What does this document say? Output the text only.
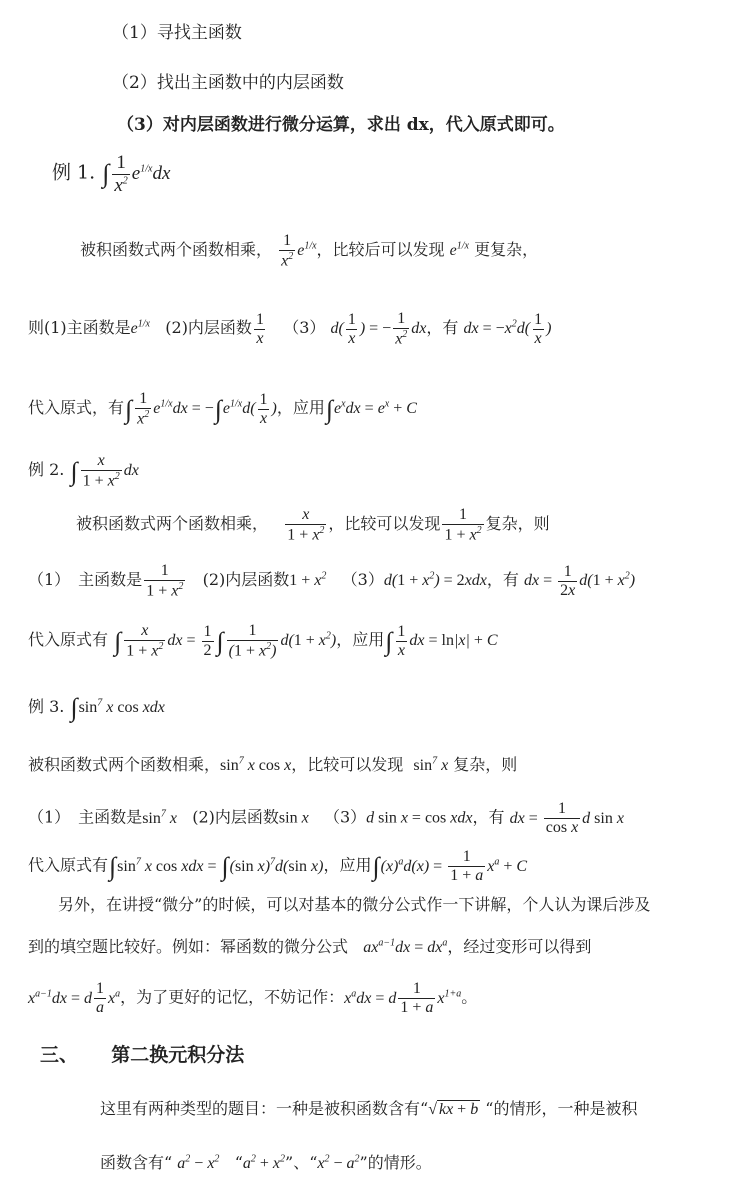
（1）寻找主函数
（2）找出主函数中的内层函数
（3）对内层函数进行微分运算，求出 dx，代入原式即可。
例 1. ∫ $\frac{1}{x^2} e^{1/x}dx$
被积函数式两个函数相乘， $\frac{1}{x^2} e^{1/x}$，比较后可以发现 $e^{1/x}$ 更复杂，
则(1)主函数是$e^{1/x}$ (2)内层函数 $\frac{1}{x} (3)$ $d( \frac{1}{x}$ ) = − $\frac{1}{x^2}$ dx，有 dx = $-x^2d( \frac{1}{x}$ )
代入原式，有∫ $\frac{1}{x^2} e^{1/x}dx = -\int e^{1/x}d( \frac{1}{x}$ )，应用$\int e^xdx = e^x + C$
例 2. ∫ $\frac{x}{1 + x^2}$ dx
被积函数式两个函数相乘， $\frac{x}{1 + x^2}$ ，比较可以发现 $\frac{1}{1 + x^2}$ 复杂，则
（1）　主函数是 $\frac{1}{1 + x^2} (2)$内层函数$1 + x^2$ $(3)d(1 + x^2) = 2xdx$，有 dx = $\frac{1}{2x} d(1 + x^2)$
代入原式有 ∫ $\frac{x}{1 + x^2}$ dx = $\frac{1}{2}$ ∫ $\frac{1}{(1 + x^2)} d(1 + x^2)$，应用∫ $\frac{1}{x}$ dx = ln|x| + C
例 3. $\int\sin^7$ x cos xdx
被积函数式两个函数相乘，$\sin^7 x$ cos x，比较可以发现 $\sin^7 x$ 复杂，则
（1）　主函数是$\sin^7 x$ (2)内层函数sin x （3）d sin x = cos xdx，有 dx = $\frac{1}{\text{cos x}}$ d sin x
代入原式有$\int\sin^7$ x cos xdx = ∫(sin x)$^7$d(sin x)，应用$\int(x)^ad(x) = \frac{1}{1 + a} x^a + C$
另外，在讲授“微分”的时候，可以对基本的微分公式作一下讲解，个人认为课后涉及
到的填空题比较好。例如：幂函数的微分公式 $ax^{a-1}dx = dx^a$，经过变形可以得到
$x^{a-1}dx = d \frac{1}{a} x^a$，为了更好的记忆，不妨记作：$x^adx = d \frac{1}{1 + a} x^{1+a}$。
三、 第二换元积分法
这里有两种类型的题目：一种是被积函数含有“√ kx + b “的情形，一种是被积
函数含有“ $a^2 - x^2$ “$a^2 + x^2$”、“$x^2 - a^2$”的情形。
